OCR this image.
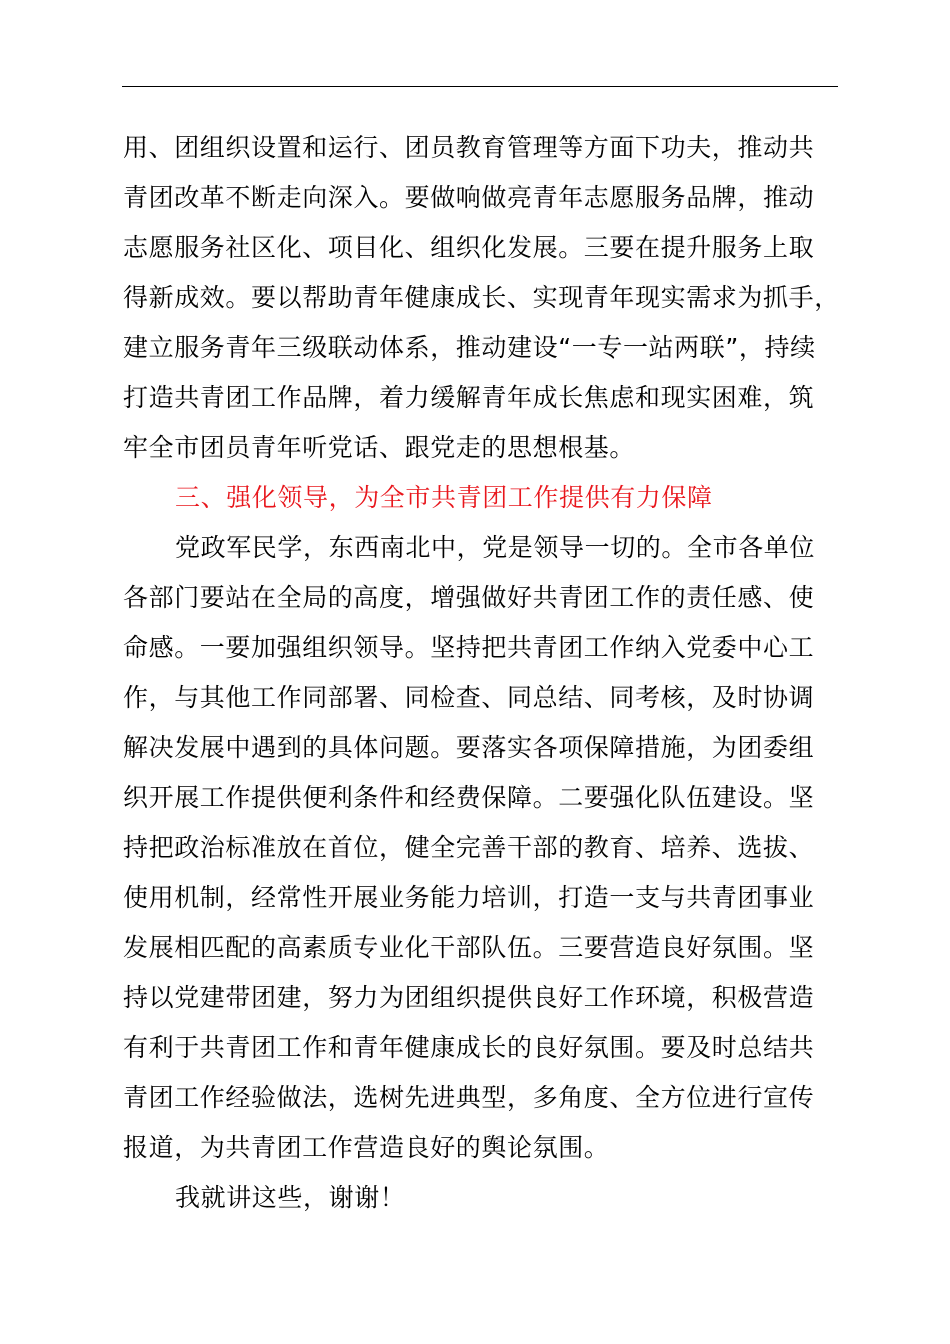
用、团组织设置和运行、团员教育管理等方面下功夫，推动共
青团改革不断走向深入。要做响做亮青年志愿服务品牌，推动
志愿服务社区化、项目化、组织化发展。三要在提升服务上取
得新成效。要以帮助青年健康成长、实现青年现实需求为抓手，
建立服务青年三级联动体系，推动建设“一专一站两联”，持续
打造共青团工作品牌，着力缓解青年成长焦虑和现实困难，筑
牢全市团员青年听党话、跟党走的思想根基。
三、强化领导，为全市共青团工作提供有力保障
党政军民学，东西南北中，党是领导一切的。全市各单位
各部门要站在全局的高度，增强做好共青团工作的责任感、使
命感。一要加强组织领导。坚持把共青团工作纳入党委中心工
作，与其他工作同部署、同检查、同总结、同考核，及时协调
解决发展中遇到的具体问题。要落实各项保障措施，为团委组
织开展工作提供便利条件和经费保障。二要强化队伍建设。坚
持把政治标准放在首位，健全完善干部的教育、培养、选拔、
使用机制，经常性开展业务能力培训，打造一支与共青团事业
发展相匹配的高素质专业化干部队伍。三要营造良好氛围。坚
持以党建带团建，努力为团组织提供良好工作环境，积极营造
有利于共青团工作和青年健康成长的良好氛围。要及时总结共
青团工作经验做法，选树先进典型，多角度、全方位进行宣传
报道，为共青团工作营造良好的舆论氛围。

我就讲这些，谢谢！
